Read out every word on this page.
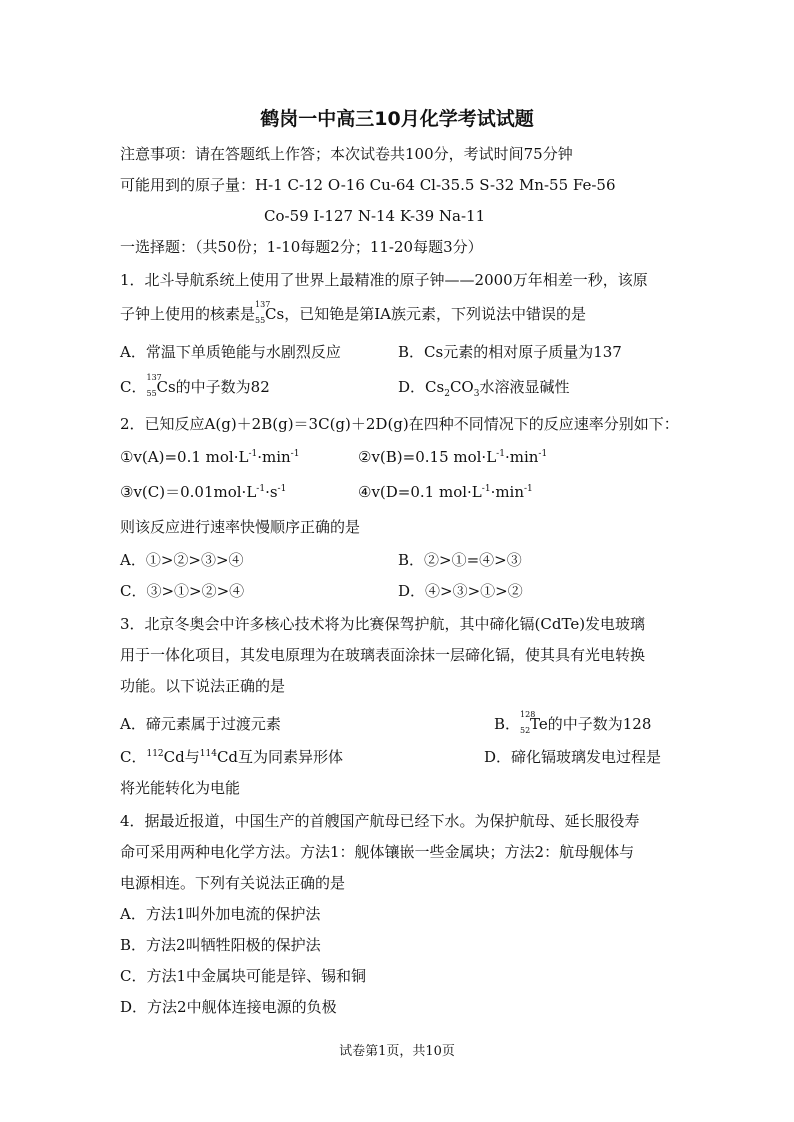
鹤岗一中高三10月化学考试试题
注意事项：请在答题纸上作答；本次试卷共100分，考试时间75分钟
可能用到的原子量：H-1 C-12 O-16 Cu-64 Cl-35.5 S-32 Mn-55 Fe-56
Co-59 I-127 N-14 K-39 Na-11
一选择题：（共50份；1-10每题2分；11-20每题3分）
1．北斗导航系统上使用了世界上最精准的原子钟——2000万年相差一秒，该原
子钟上使用的核素是
137
55 Cs，已知铯是第ⅠA族元素，下列说法中错误的是
A．常温下单质铯能与水剧烈反应	B．Cs元素的相对原子质量为137
C．
137
55 Cs的中子数为82	D．$Cs_2CO_3$水溶液显碱性
2．已知反应A(g)＋2B(g)＝3C(g)＋2D(g)在四种不同情况下的反应速率分别如下：
①v(A)=0.1 $mol\cdot L^{-1}\cdot\min^{-1}$	②v(B)=0.15 $mol\cdot L^{-1}\cdot\min^{-1}$
$③v(C)=0.01mol\cdot L^{-1}\cdot s^{-1}$	④v(D=0.1 $mol\cdot L^{-1}\cdot\min^{-1}$
则该反应进行速率快慢顺序正确的是
A．①>②>③>④	B．②>①=④>③
C．③>①>②>④	D．④>③>①>②
3．北京冬奥会中许多核心技术将为比赛保驾护航，其中碲化镉(CdTe)发电玻璃
用于一体化项目，其发电原理为在玻璃表面涂抹一层碲化镉，使其具有光电转换
功能。以下说法正确的是
A．碲元素属于过渡元素	B．
128
52 Te的中子数为128
C．$^{112}$Cd与$^{114}$Cd互为同素异形体	D．碲化镉玻璃发电过程是
将光能转化为电能
4．据最近报道，中国生产的首艘国产航母已经下水。为保护航母、延长服役寿
命可采用两种电化学方法。方法1：舰体镶嵌一些金属块；方法2：航母舰体与
电源相连。下列有关说法正确的是
A．方法1叫外加电流的保护法
B．方法2叫牺牲阳极的保护法
C．方法1中金属块可能是锌、锡和铜
D．方法2中舰体连接电源的负极
试卷第1页，共10页
